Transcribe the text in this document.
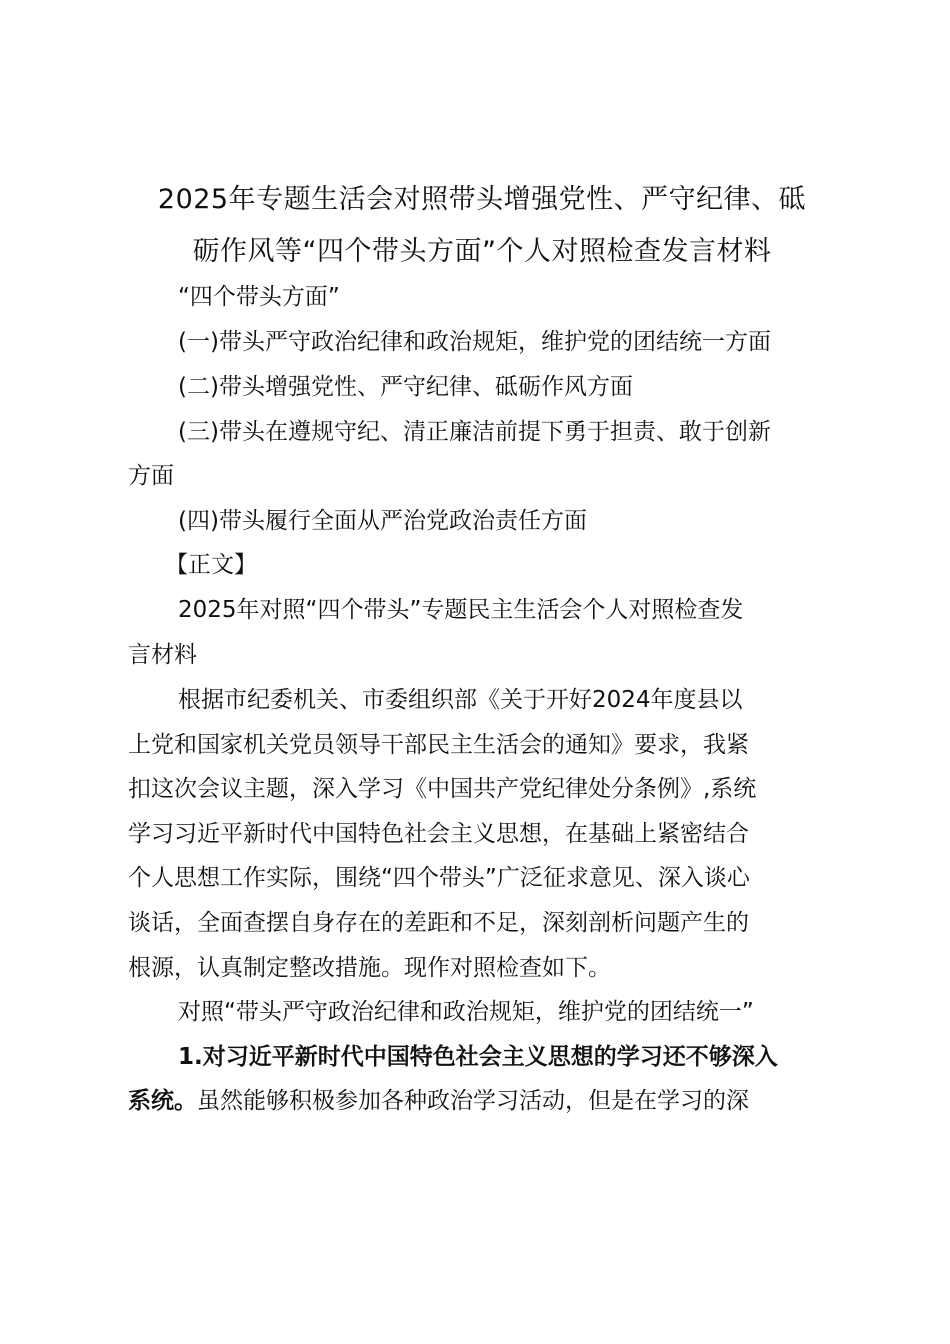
2025年专题生活会对照带头增强党性、严守纪律、砥
砺作风等“四个带头方面”个人对照检查发言材料
“四个带头方面”
(一)带头严守政治纪律和政治规矩，维护党的团结统一方面
(二)带头增强党性、严守纪律、砥砺作风方面
(三)带头在遵规守纪、清正廉洁前提下勇于担责、敢于创新
方面
(四)带头履行全面从严治党政治责任方面
【正文】
2025年对照“四个带头”专题民主生活会个人对照检查发
言材料
根据市纪委机关、市委组织部《关于开好2024年度县以
上党和国家机关党员领导干部民主生活会的通知》要求，我紧
扣这次会议主题，深入学习《中国共产党纪律处分条例》,系统
学习习近平新时代中国特色社会主义思想，在基础上紧密结合
个人思想工作实际，围绕“四个带头”广泛征求意见、深入谈心
谈话，全面查摆自身存在的差距和不足，深刻剖析问题产生的
根源，认真制定整改措施。现作对照检查如下。
对照“带头严守政治纪律和政治规矩，维护党的团结统一”
1.对习近平新时代中国特色社会主义思想的学习还不够深入
系统。虽然能够积极参加各种政治学习活动，但是在学习的深
